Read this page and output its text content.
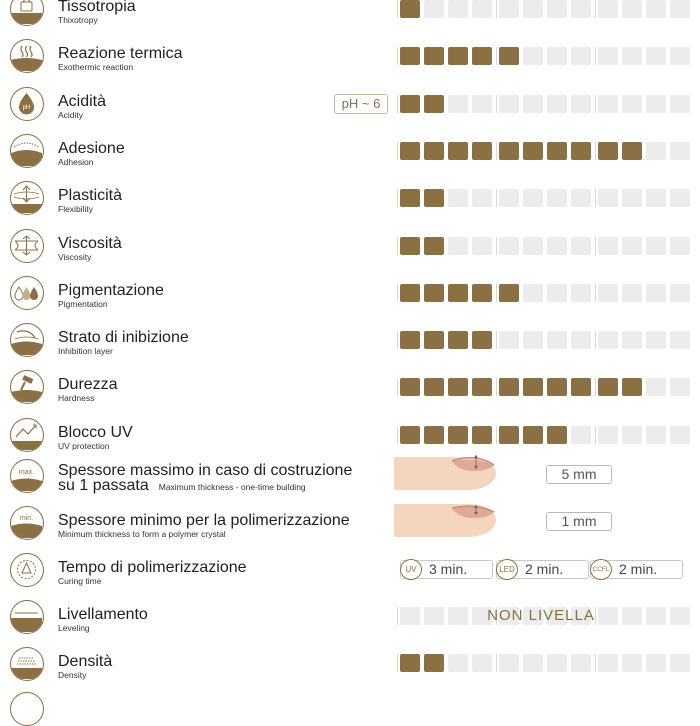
Tissotropia
Thixotropy
Reazione termica
Exothermic reaction
pH Acidità
Acidity
pH ~ 6
Adesione
Adhesion
Plasticità
Flexibility
Viscosità
Viscosity
Pigmentazione
Pigmentation
Strato di inibizione
Inhibition layer
Durezza
Hardness
Blocco UV
UV protection
max. Spessore massimo in caso di costruzione
su 1 passata Maximum thickness - one-time building
5 mm
min. Spessore minimo per la polimerizzazione
Minimum thickness to form a polymer crystal
1 mm
Tempo di polimerizzazione
Curing time
UV 3 min.	LED 2 min.	CCFL 2 min.
Livellamento
Leveling
NON LIVELLA
Densità
Density
